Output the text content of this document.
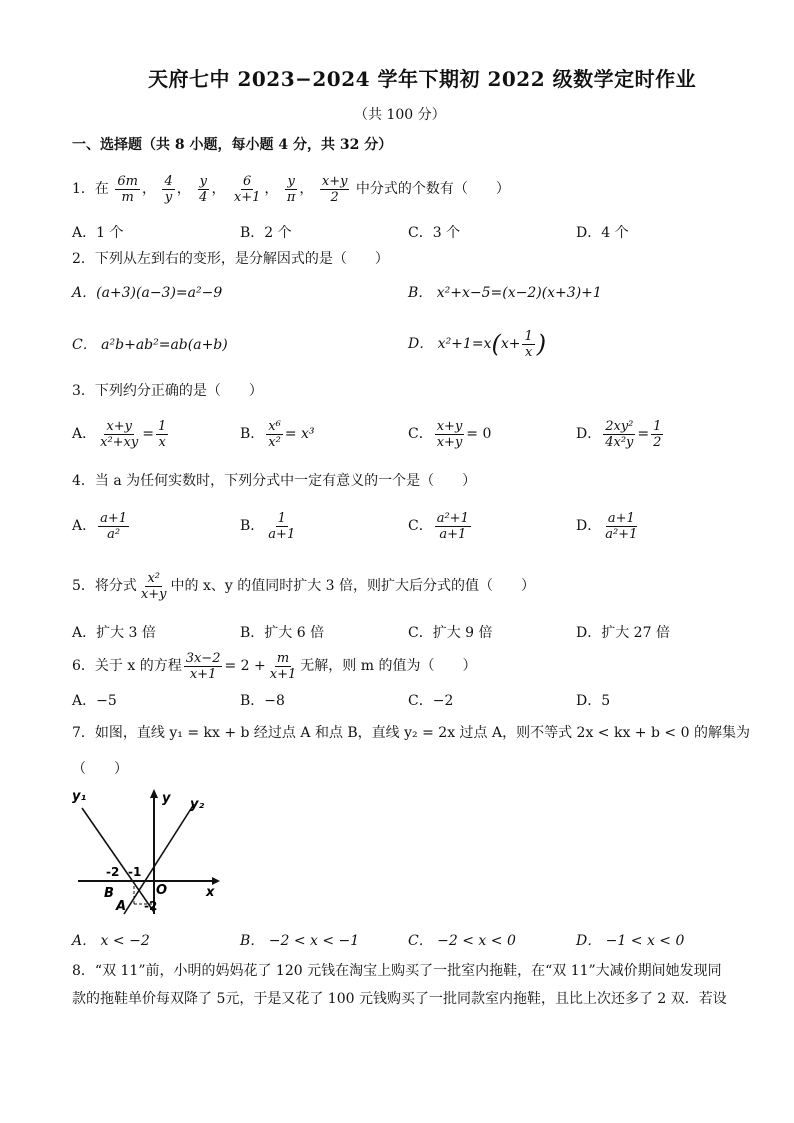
天府七中 2023−2024 学年下期初 2022 级数学定时作业
（共 100 分）
一、选择题（共 8 小题，每小题 4 分，共 32 分）
1．在 $\frac{6m}{m}$ ， $\frac{4}{y}$ ， $\frac{y}{4}$ ， $\frac{6}{x+1}$ ， $\frac{y}{\pi}$ ， $\frac{x+y}{2}$ 中分式的个数有（　　）
A．1 个	B．2 个	C．3 个	D．4 个
2．下列从左到右的变形，是分解因式的是（　　）
A．(a+3)(a−3)=a²−9	B． x²+x−5=(x−2)(x+3)+1
C． a²b+ab²=ab(a+b)	D． $x^2+1=x(x+ \frac{1}{x}$ )
3．下列约分正确的是（　　）
A． $\frac{x+y}{\text{x²+xy}} = \frac{1}{x}$	B． $\frac{\text{x⁶}}{\text{x²}} = x^3$	C． $\frac{x+y}{x+y} = 0$	D． $\frac{\text{2xy²}}{\text{4x²y}} = \frac{1}{2}$
4．当 a 为任何实数时，下列分式中一定有意义的一个是（　　）
A． $\frac{a+1}{\text{a²}}$	B． $\frac{1}{a+1}$	C． $\frac{\text{a²+1}}{a+1}$	D． $\frac{a+1}{\text{a²+1}}$
5．将分式 $\frac{\text{x²}}{x+y}$ 中的 x、y 的值同时扩大 3 倍，则扩大后分式的值（　　）
A．扩大 3 倍	B．扩大 6 倍	C．扩大 9 倍	D．扩大 27 倍
6．关于 x 的方程 $\frac{3x-2}{x+1} = 2 + \frac{m}{x+1}$ 无解，则 m 的值为（　　）
A．−5	B．−8	C．−2	D．5
7．如图，直线 y₁ = kx + b 经过点 A 和点 B，直线 y₂ = 2x 过点 A，则不等式 2x < kx + b < 0 的解集为
（　　）
y₁	y y₂
-2 -1
O	x
B
A -2
A． x < −2	B． −2 < x < −1	C． −2 < x < 0	D． −1 < x < 0
8．“双 11”前，小明的妈妈花了 120 元钱在淘宝上购买了一批室内拖鞋，在“双 11”大减价期间她发现同
款的拖鞋单价每双降了 5元，于是又花了 100 元钱购买了一批同款室内拖鞋，且比上次还多了 2 双．若设
